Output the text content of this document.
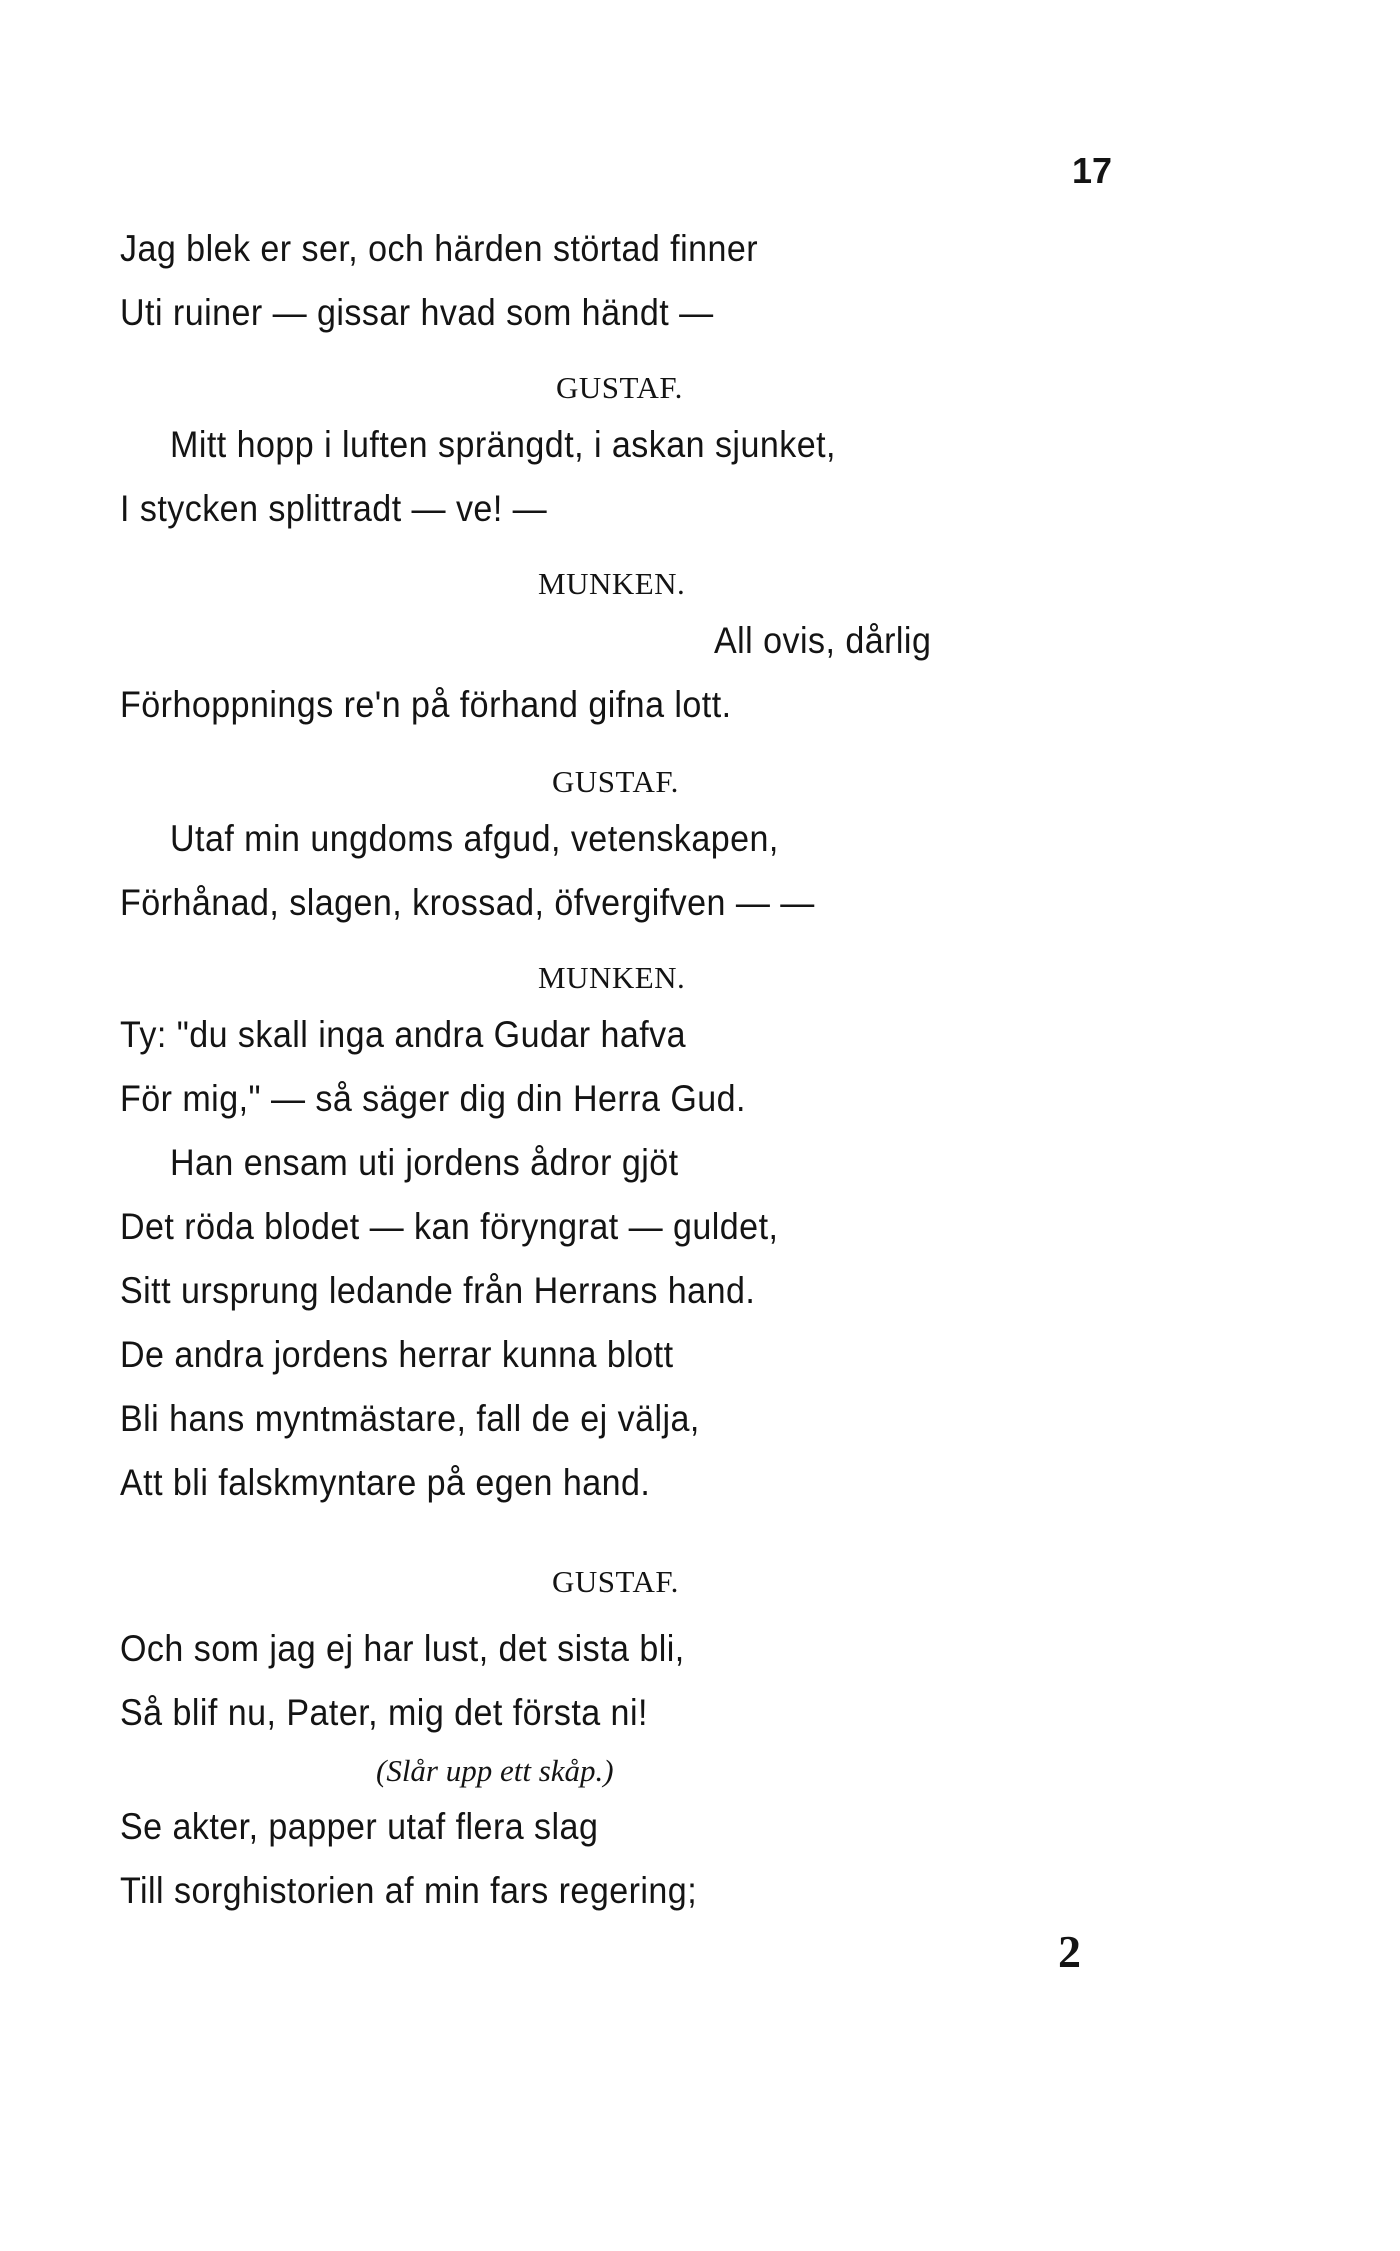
17
Jag blek er ser, och härden störtad finner
Uti ruiner — gissar hvad som händt —
GUSTAF.
Mitt hopp i luften sprängdt, i askan sjunket,
I stycken splittradt — ve! —
MUNKEN.
All ovis, dårlig
Förhoppnings re'n på förhand gifna lott.
GUSTAF.
Utaf min ungdoms afgud, vetenskapen,
Förhånad, slagen, krossad, öfvergifven — —
MUNKEN.
Ty: "du skall inga andra Gudar hafva
För mig," — så säger dig din Herra Gud.
Han ensam uti jordens ådror gjöt
Det röda blodet — kan föryngrat — guldet,
Sitt ursprung ledande från Herrans hand.
De andra jordens herrar kunna blott
Bli hans myntmästare, fall de ej välja,
Att bli falskmyntare på egen hand.
GUSTAF.
Och som jag ej har lust, det sista bli,
Så blif nu, Pater, mig det första ni!
(Slår upp ett skåp.)
Se akter, papper utaf flera slag
Till sorghistorien af min fars regering;
2
